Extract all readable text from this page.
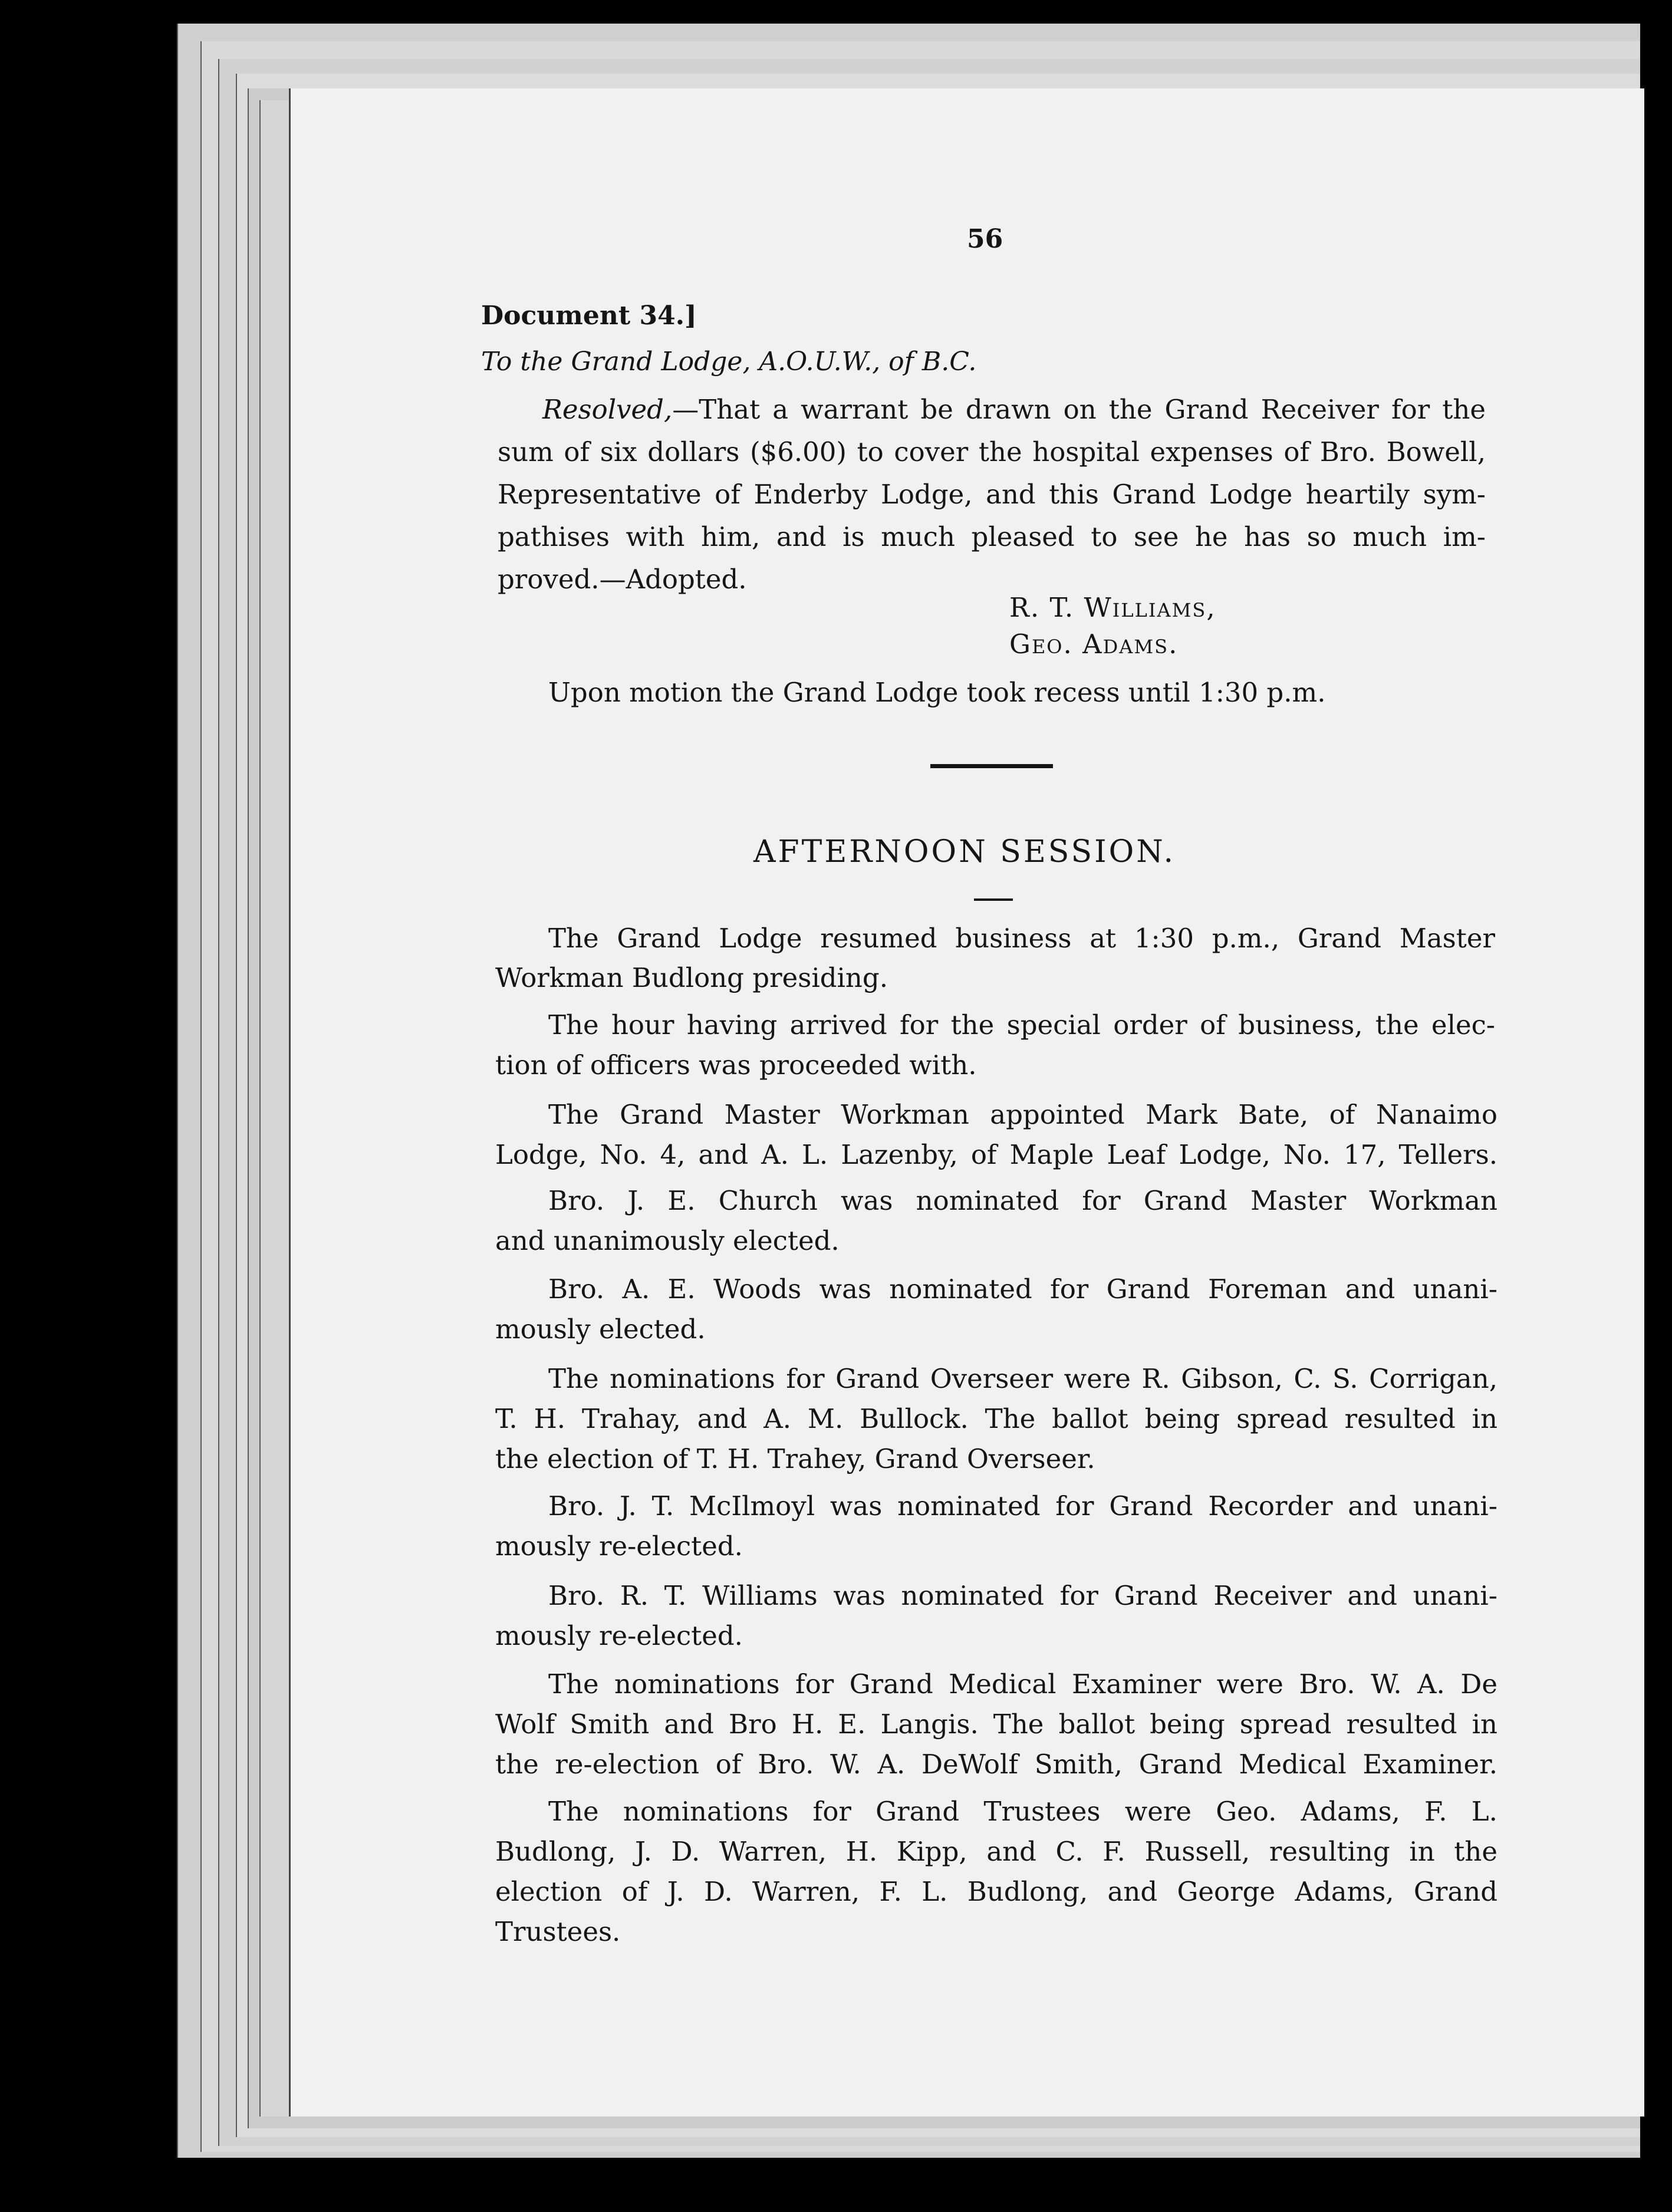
56
Document 34.]
To the Grand Lodge, A.O.U.W., of B.C.
Resolved,—That a warrant be drawn on the Grand Receiver for the
sum of six dollars ($6.00) to cover the hospital expenses of Bro. Bowell,
Representative of Enderby Lodge, and this Grand Lodge heartily sym-
pathises with him, and is much pleased to see he has so much im-
proved.—Adopted.
R. T. Williams,
Geo. Adams.
Upon motion the Grand Lodge took recess until 1:30 p.m.
AFTERNOON SESSION.
The Grand Lodge resumed business at 1:30 p.m., Grand Master
Workman Budlong presiding.
The hour having arrived for the special order of business, the elec-
tion of officers was proceeded with.
The Grand Master Workman appointed Mark Bate, of Nanaimo
Lodge, No. 4, and A. L. Lazenby, of Maple Leaf Lodge, No. 17, Tellers.
Bro. J. E. Church was nominated for Grand Master Workman
and unanimously elected.
Bro. A. E. Woods was nominated for Grand Foreman and unani-
mously elected.
The nominations for Grand Overseer were R. Gibson, C. S. Corrigan,
T. H. Trahay, and A. M. Bullock. The ballot being spread resulted in
the election of T. H. Trahey, Grand Overseer.
Bro. J. T. McIlmoyl was nominated for Grand Recorder and unani-
mously re-elected.
Bro. R. T. Williams was nominated for Grand Receiver and unani-
mously re-elected.
The nominations for Grand Medical Examiner were Bro. W. A. De
Wolf Smith and Bro H. E. Langis. The ballot being spread resulted in
the re-election of Bro. W. A. DeWolf Smith, Grand Medical Examiner.
The nominations for Grand Trustees were Geo. Adams, F. L.
Budlong, J. D. Warren, H. Kipp, and C. F. Russell, resulting in the
election of J. D. Warren, F. L. Budlong, and George Adams, Grand
Trustees.
